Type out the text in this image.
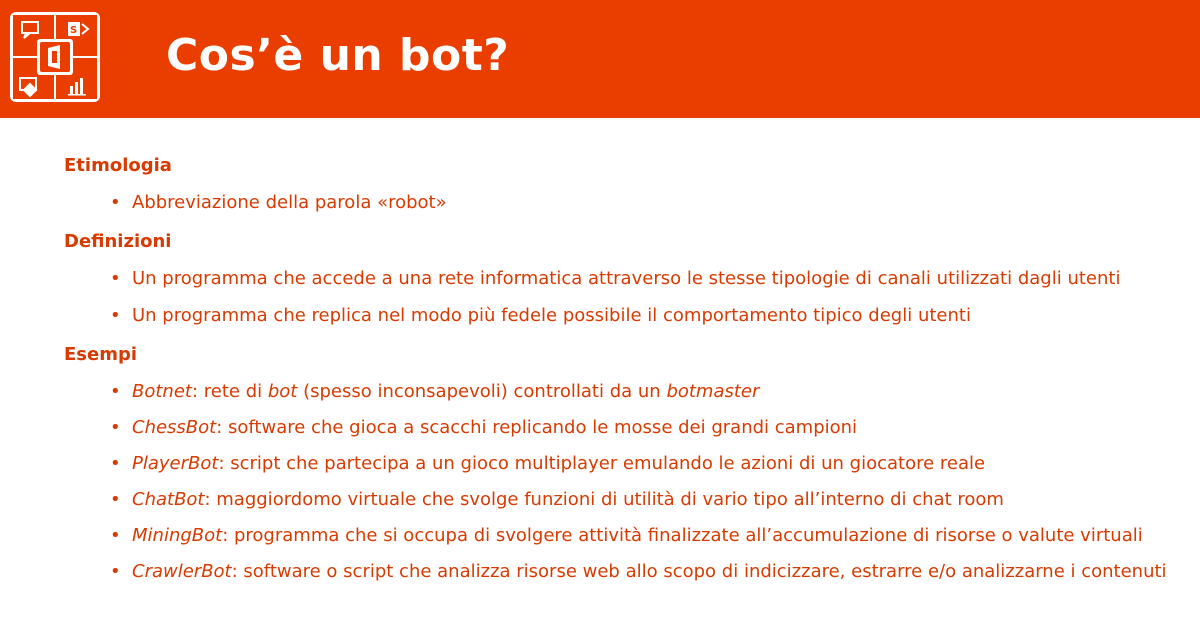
S Cos’è un bot?
Etimologia
• Abbreviazione della parola «robot»
Definizioni
• Un programma che accede a una rete informatica attraverso le stesse tipologie di canali utilizzati dagli utenti
• Un programma che replica nel modo più fedele possibile il comportamento tipico degli utenti
Esempi
• Botnet: rete di bot (spesso inconsapevoli) controllati da un botmaster
• ChessBot: software che gioca a scacchi replicando le mosse dei grandi campioni
• PlayerBot: script che partecipa a un gioco multiplayer emulando le azioni di un giocatore reale
• ChatBot: maggiordomo virtuale che svolge funzioni di utilità di vario tipo all’interno di chat room
• MiningBot: programma che si occupa di svolgere attività finalizzate all’accumulazione di risorse o valute virtuali
• CrawlerBot: software o script che analizza risorse web allo scopo di indicizzare, estrarre e/o analizzarne i contenuti
